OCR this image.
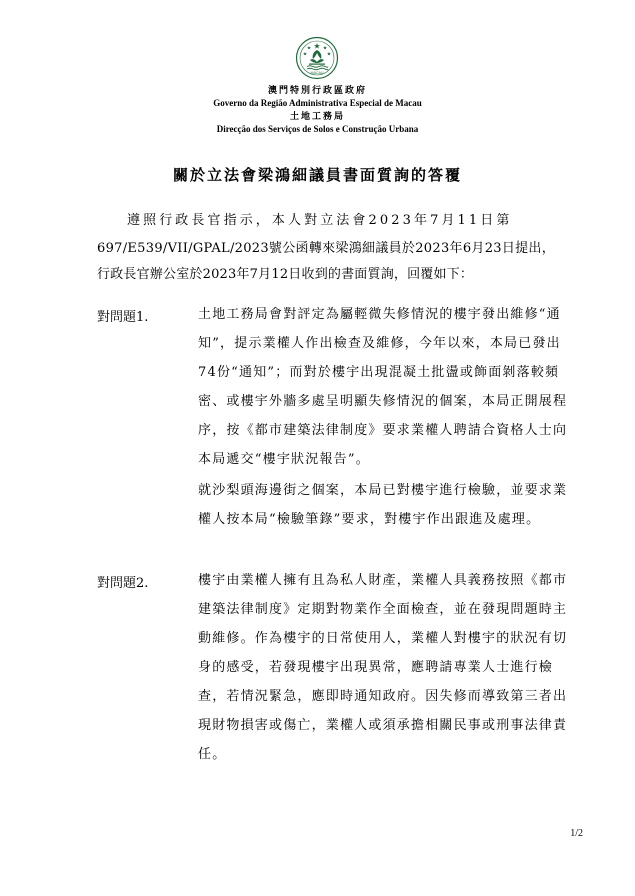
MACAU
澳門特別行政區政府
Governo da Região Administrativa Especial de Macau
土地工務局
Direcção dos Serviços de Solos e Construção Urbana
關於立法會梁鴻細議員書面質詢的答覆
遵照行政長官指示，本人對立法會2023年7月11日第
697/E539/VII/GPAL/2023號公函轉來梁鴻細議員於2023年6月23日提出，
行政長官辦公室於2023年7月12日收到的書面質詢，回覆如下：
對問題1.	土地工務局會對評定為屬輕微失修情況的樓宇發出維修“通
知”，提示業權人作出檢查及維修，今年以來，本局已發出
74份“通知”；而對於樓宇出現混凝土批盪或飾面剝落較頻
密、或樓宇外牆多處呈明顯失修情況的個案，本局正開展程
序，按《都市建築法律制度》要求業權人聘請合資格人士向
本局遞交“樓宇狀況報告”。
就沙梨頭海邊街之個案，本局已對樓宇進行檢驗，並要求業
權人按本局“檢驗筆錄”要求，對樓宇作出跟進及處理。
對問題2.	樓宇由業權人擁有且為私人財產，業權人具義務按照《都市
建築法律制度》定期對物業作全面檢查，並在發現問題時主
動維修。作為樓宇的日常使用人，業權人對樓宇的狀況有切
身的感受，若發現樓宇出現異常，應聘請專業人士進行檢
查，若情況緊急，應即時通知政府。因失修而導致第三者出
現財物損害或傷亡，業權人或須承擔相關民事或刑事法律責
任。
1/2
